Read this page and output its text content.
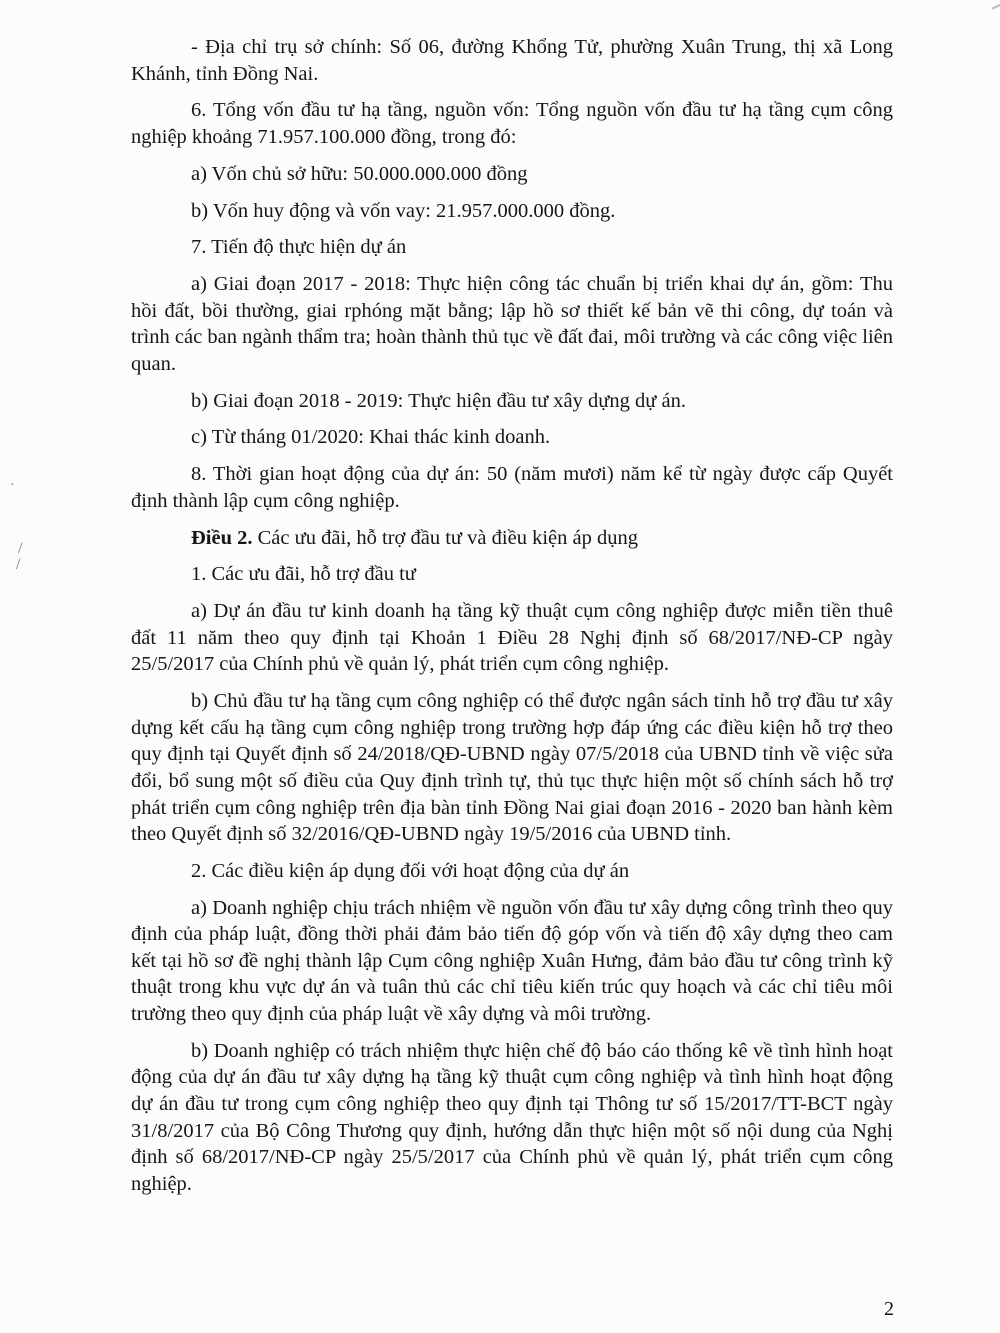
·
/
/

- Địa chỉ trụ sở chính: Số 06, đường Khổng Tử, phường Xuân Trung, thị xã Long Khánh, tỉnh Đồng Nai.

6. Tổng vốn đầu tư hạ tầng, nguồn vốn: Tổng nguồn vốn đầu tư hạ tầng cụm công nghiệp khoảng 71.957.100.000 đồng, trong đó:

a) Vốn chủ sở hữu: 50.000.000.000 đồng

b) Vốn huy động và vốn vay: 21.957.000.000 đồng.

7. Tiến độ thực hiện dự án

a) Giai đoạn 2017 - 2018: Thực hiện công tác chuẩn bị triển khai dự án, gồm: Thu hồi đất, bồi thường, giai rphóng mặt bằng; lập hồ sơ thiết kế bản vẽ thi công, dự toán và trình các ban ngành thẩm tra; hoàn thành thủ tục về đất đai, môi trường và các công việc liên quan.

b) Giai đoạn 2018 - 2019: Thực hiện đầu tư xây dựng dự án.

c) Từ tháng 01/2020: Khai thác kinh doanh.

8. Thời gian hoạt động của dự án: 50 (năm mươi) năm kể từ ngày được cấp Quyết định thành lập cụm công nghiệp.

Điều 2. Các ưu đãi, hỗ trợ đầu tư và điều kiện áp dụng

1. Các ưu đãi, hỗ trợ đầu tư

a) Dự án đầu tư kinh doanh hạ tầng kỹ thuật cụm công nghiệp được miễn tiền thuê đất 11 năm theo quy định tại Khoản 1 Điều 28 Nghị định số 68/2017/NĐ-CP ngày 25/5/2017 của Chính phủ về quản lý, phát triển cụm công nghiệp.

b) Chủ đầu tư hạ tầng cụm công nghiệp có thể được ngân sách tỉnh hỗ trợ đầu tư xây dựng kết cấu hạ tầng cụm công nghiệp trong trường hợp đáp ứng các điều kiện hỗ trợ theo quy định tại Quyết định số 24/2018/QĐ-UBND ngày 07/5/2018 của UBND tỉnh về việc sửa đổi, bổ sung một số điều của Quy định trình tự, thủ tục thực hiện một số chính sách hỗ trợ phát triển cụm công nghiệp trên địa bàn tỉnh Đồng Nai giai đoạn 2016 - 2020 ban hành kèm theo Quyết định số 32/2016/QĐ-UBND ngày 19/5/2016 của UBND tỉnh.

2. Các điều kiện áp dụng đối với hoạt động của dự án

a) Doanh nghiệp chịu trách nhiệm về nguồn vốn đầu tư xây dựng công trình theo quy định của pháp luật, đồng thời phải đảm bảo tiến độ góp vốn và tiến độ xây dựng theo cam kết tại hồ sơ đề nghị thành lập Cụm công nghiệp Xuân Hưng, đảm bảo đầu tư công trình kỹ thuật trong khu vực dự án và tuân thủ các chỉ tiêu kiến trúc quy hoạch và các chỉ tiêu môi trường theo quy định của pháp luật về xây dựng và môi trường.

b) Doanh nghiệp có trách nhiệm thực hiện chế độ báo cáo thống kê về tình hình hoạt động của dự án đầu tư xây dựng hạ tầng kỹ thuật cụm công nghiệp và tình hình hoạt động dự án đầu tư trong cụm công nghiệp theo quy định tại Thông tư số 15/2017/TT-BCT ngày 31/8/2017 của Bộ Công Thương quy định, hướng dẫn thực hiện một số nội dung của Nghị định số 68/2017/NĐ-CP ngày 25/5/2017 của Chính phủ về quản lý, phát triển cụm công nghiệp.

2
